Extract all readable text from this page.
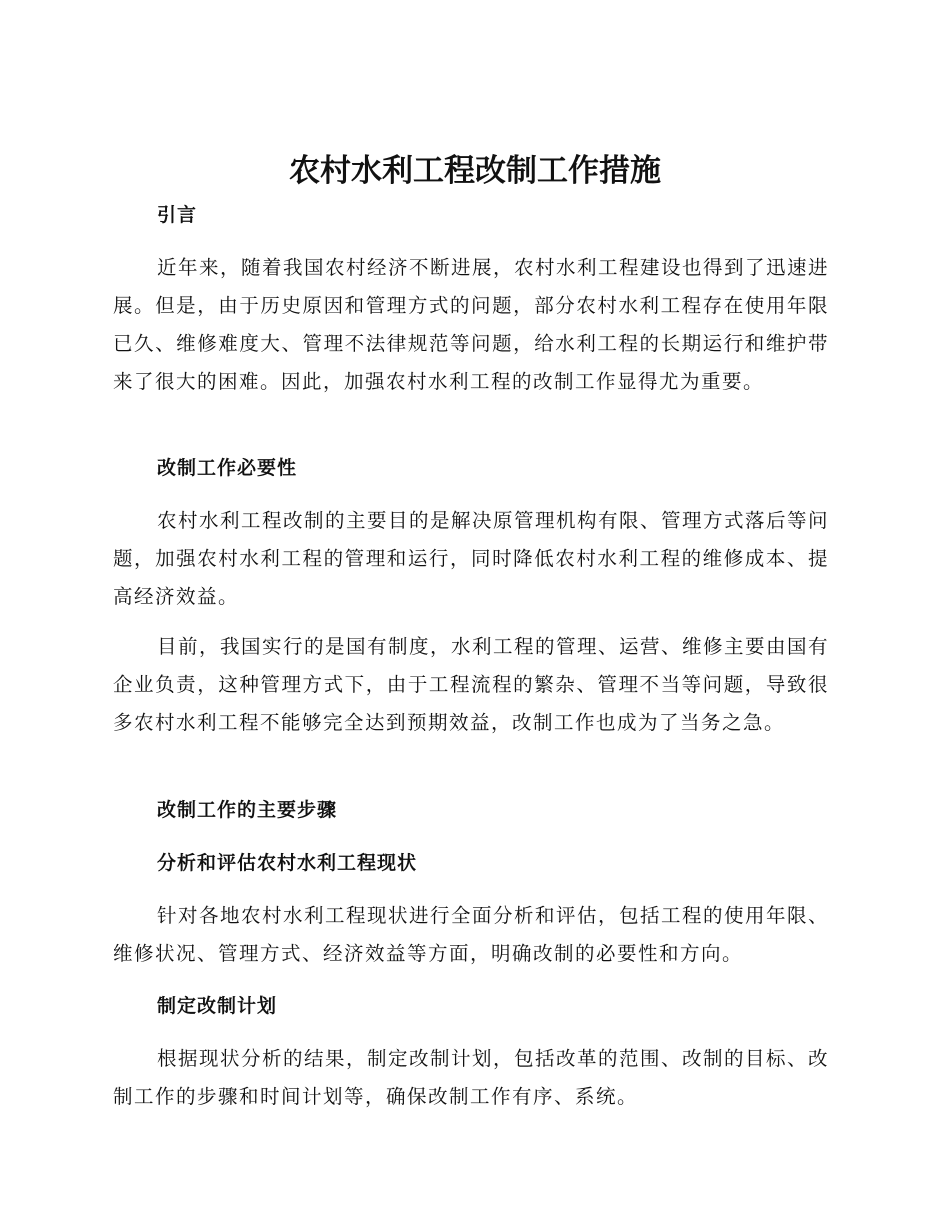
农村水利工程改制工作措施
引言

近年来，随着我国农村经济不断进展，农村水利工程建设也得到了迅速进展。但是，由于历史原因和管理方式的问题，部分农村水利工程存在使用年限已久、维修难度大、管理不法律规范等问题，给水利工程的长期运行和维护带来了很大的困难。因此，加强农村水利工程的改制工作显得尤为重要。

改制工作必要性

农村水利工程改制的主要目的是解决原管理机构有限、管理方式落后等问题，加强农村水利工程的管理和运行，同时降低农村水利工程的维修成本、提高经济效益。

目前，我国实行的是国有制度，水利工程的管理、运营、维修主要由国有企业负责，这种管理方式下，由于工程流程的繁杂、管理不当等问题，导致很多农村水利工程不能够完全达到预期效益，改制工作也成为了当务之急。

改制工作的主要步骤
分析和评估农村水利工程现状

针对各地农村水利工程现状进行全面分析和评估，包括工程的使用年限、维修状况、管理方式、经济效益等方面，明确改制的必要性和方向。

制定改制计划

根据现状分析的结果，制定改制计划，包括改革的范围、改制的目标、改制工作的步骤和时间计划等，确保改制工作有序、系统。
